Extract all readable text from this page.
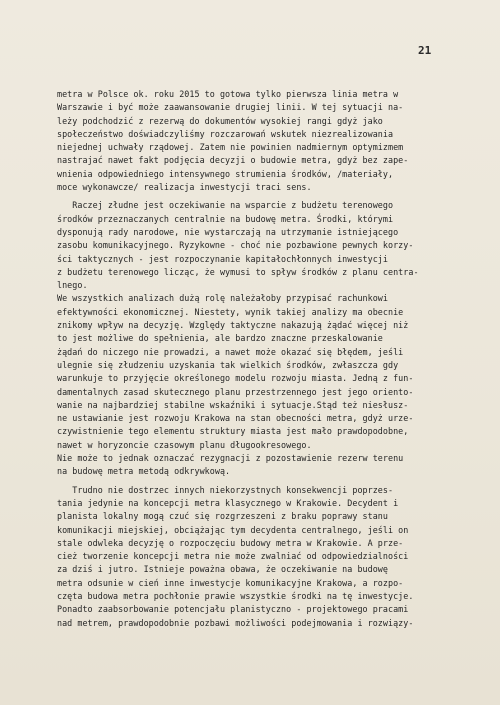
21
metra w Polsce ok. roku 2015 to gotowa tylko pierwsza linia metra w
Warszawie i być może zaawansowanie drugiej linii. W tej sytuacji na-
leży podchodzić z rezerwą do dokumentów wysokiej rangi gdyż jako
społeczeństwo doświadczyliśmy rozczarowań wskutek niezrealizowania
niejednej uchwały rządowej. Zatem nie powinien nadmiernym optymizmem
nastrajać nawet fakt podjęcia decyzji o budowie metra, gdyż bez zape-
wnienia odpowiedniego intensywnego strumienia środków, /materiały,
moce wykonawcze/ realizacja inwestycji traci sens.
Raczej złudne jest oczekiwanie na wsparcie z budżetu terenowego
środków przeznaczanych centralnie na budowę metra. Środki, którymi
dysponują rady narodowe, nie wystarczają na utrzymanie istniejącego
zasobu komunikacyjnego. Ryzykowne - choć nie pozbawione pewnych korzy-
ści taktycznych - jest rozpoczynanie kapitałochłonnych inwestycji
z budżetu terenowego licząc, że wymusi to spływ środków z planu centra-
lnego.
We wszystkich analizach dużą rolę należałoby przypisać rachunkowi
efektywności ekonomicznej. Niestety, wynik takiej analizy ma obecnie
znikomy wpływ na decyzję. Względy taktyczne nakazują żądać więcej niż
to jest możliwe do spełnienia, ale bardzo znaczne przeskalowanie
żądań do niczego nie prowadzi, a nawet może okazać się błędem, jeśli
ulegnie się złudzeniu uzyskania tak wielkich środków, zwłaszcza gdy
warunkuje to przyjęcie określonego modelu rozwoju miasta. Jedną z fun-
damentalnych zasad skutecznego planu przestrzennego jest jego oriento-
wanie na najbardziej stabilne wskaźniki i sytuacje.Stąd też niesłusz-
ne ustawianie jest rozwoju Krakowa na stan obecności metra, gdyż urze-
czywistnienie tego elementu struktury miasta jest mało prawdopodobne,
nawet w horyzoncie czasowym planu długookresowego.
Nie może to jednak oznaczać rezygnacji z pozostawienie rezerw terenu
na budowę metra metodą odkrywkową.
Trudno nie dostrzec innych niekorzystnych konsekwencji poprzes-
tania jedynie na koncepcji metra klasycznego w Krakowie. Decydent i
planista lokalny mogą czuć się rozgrzeszeni z braku poprawy stanu
komunikacji miejskiej, obciążając tym decydenta centralnego, jeśli on
stale odwleka decyzję o rozpoczęciu budowy metra w Krakowie. A prze-
cież tworzenie koncepcji metra nie może zwalniać od odpowiedzialności
za dziś i jutro. Istnieje poważna obawa, że oczekiwanie na budowę
metra odsunie w cień inne inwestycje komunikacyjne Krakowa, a rozpo-
częta budowa metra pochłonie prawie wszystkie środki na tę inwestycje.
Ponadto zaabsorbowanie potencjału planistyczno - projektowego pracami
nad metrem, prawdopodobnie pozbawi możliwości podejmowania i rozwiązy-
